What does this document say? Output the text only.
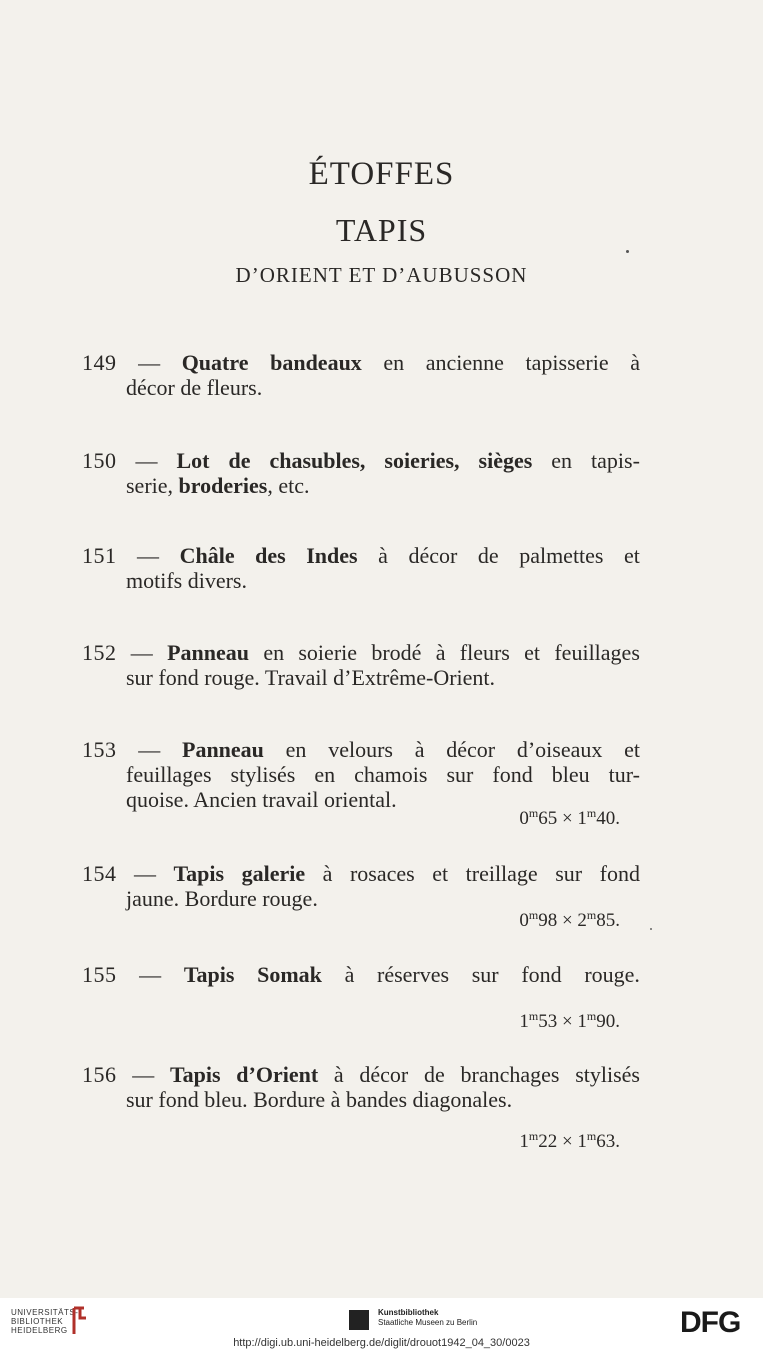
ÉTOFFES
TAPIS
D’ORIENT ET D’AUBUSSON
149 — Quatre bandeaux en ancienne tapisserie à
décor de fleurs.
150 — Lot de chasubles, soieries, sièges en tapis-
serie, broderies, etc.
151 — Châle des Indes à décor de palmettes et
motifs divers.
152 — Panneau en soierie brodé à fleurs et feuillages
sur fond rouge. Travail d’Extrême-Orient.
153 — Panneau en velours à décor d’oiseaux et
feuillages stylisés en chamois sur fond bleu tur-
quoise. Ancien travail oriental.
$0^m65 \times 1^m40$.
154 — Tapis galerie à rosaces et treillage sur fond
jaune. Bordure rouge.
$0^m98 \times 2^m85$.
155 — Tapis Somak à réserves sur fond rouge.
$1^m53 \times 1^m90$.
156 — Tapis d’Orient à décor de branchages stylisés
sur fond bleu. Bordure à bandes diagonales.
$1^m22 \times 1^m63$.
UNIVERSITÄTS-
BIBLIOTHEK
HEIDELBERG
Kunstbibliothek
Staatliche Museen zu Berlin	DFG
http://digi.ub.uni-heidelberg.de/diglit/drouot1942_04_30/0023
